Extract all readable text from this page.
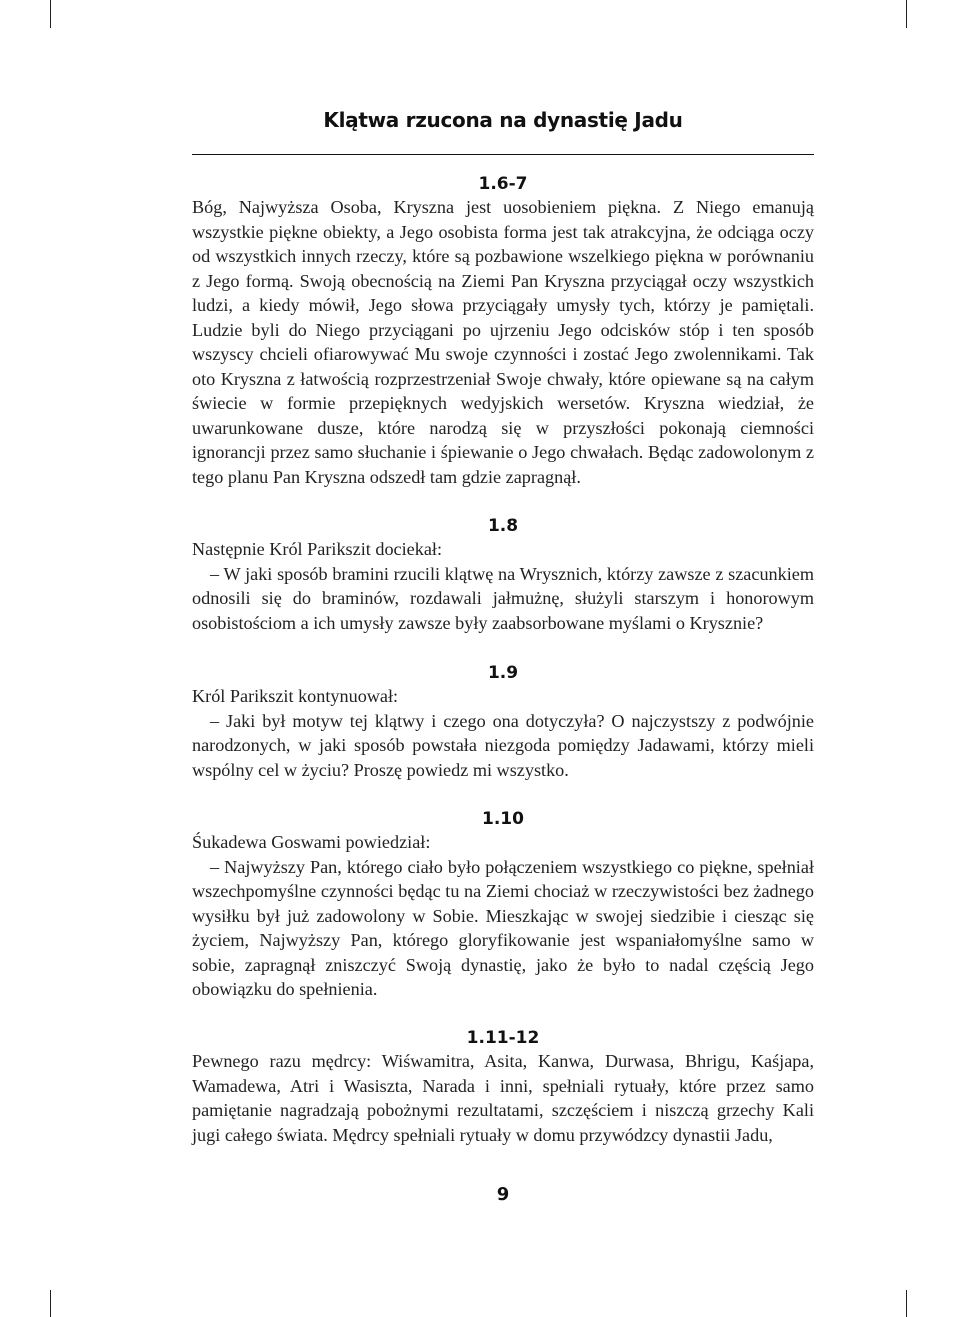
Klątwa rzucona na dynastię Jadu
1.6-7

Bóg, Najwyższa Osoba, Kryszna jest uosobieniem piękna. Z Niego emanują wszystkie piękne obiekty, a Jego osobista forma jest tak atrakcyjna, że odciąga oczy od wszystkich innych rzeczy, które są pozbawione wszelkiego piękna w porównaniu z Jego formą. Swoją obecnością na Ziemi Pan Kryszna przyciągał oczy wszystkich ludzi, a kiedy mówił, Jego słowa przyciągały umysły tych, którzy je pamiętali. Ludzie byli do Niego przyciągani po ujrzeniu Jego odcisków stóp i ten sposób wszyscy chcieli ofiarowywać Mu swoje czynności i zostać Jego zwolennikami. Tak oto Kryszna z łatwością rozprzestrzeniał Swoje chwały, które opiewane są na całym świecie w formie przepięknych wedyjskich wersetów. Kryszna wiedział, że uwarunkowane dusze, które narodzą się w przyszłości pokonają ciemności ignorancji przez samo słuchanie i śpiewanie o Jego chwałach. Będąc zadowolonym z tego planu Pan Kryszna odszedł tam gdzie zapragnął.

1.8

Następnie Król Parikszit dociekał:

– W jaki sposób bramini rzucili klątwę na Wrysznich, którzy zawsze z szacunkiem odnosili się do braminów, rozdawali jałmużnę, służyli starszym i honorowym osobistościom a ich umysły zawsze były zaabsorbowane myślami o Krysznie?

1.9

Król Parikszit kontynuował:

– Jaki był motyw tej klątwy i czego ona dotyczyła? O najczystszy z podwójnie narodzonych, w jaki sposób powstała niezgoda pomiędzy Jadawami, którzy mieli wspólny cel w życiu? Proszę powiedz mi wszystko.

1.10

Śukadewa Goswami powiedział:

– Najwyższy Pan, którego ciało było połączeniem wszystkiego co piękne, spełniał wszechpomyślne czynności będąc tu na Ziemi chociaż w rzeczywistości bez żadnego wysiłku był już zadowolony w Sobie. Mieszkając w swojej siedzibie i ciesząc się życiem, Najwyższy Pan, którego gloryfikowanie jest wspaniałomyślne samo w sobie, zapragnął zniszczyć Swoją dynastię, jako że było to nadal częścią Jego obowiązku do spełnienia.

1.11-12

Pewnego razu mędrcy: Wiśwamitra, Asita, Kanwa, Durwasa, Bhrigu, Kaśjapa, Wamadewa, Atri i Wasiszta, Narada i inni, spełniali rytuały, które przez samo pamiętanie nagradzają pobożnymi rezultatami, szczęściem i niszczą grzechy Kali jugi całego świata. Mędrcy spełniali rytuały w domu przywódzcy dynastii Jadu,

9
